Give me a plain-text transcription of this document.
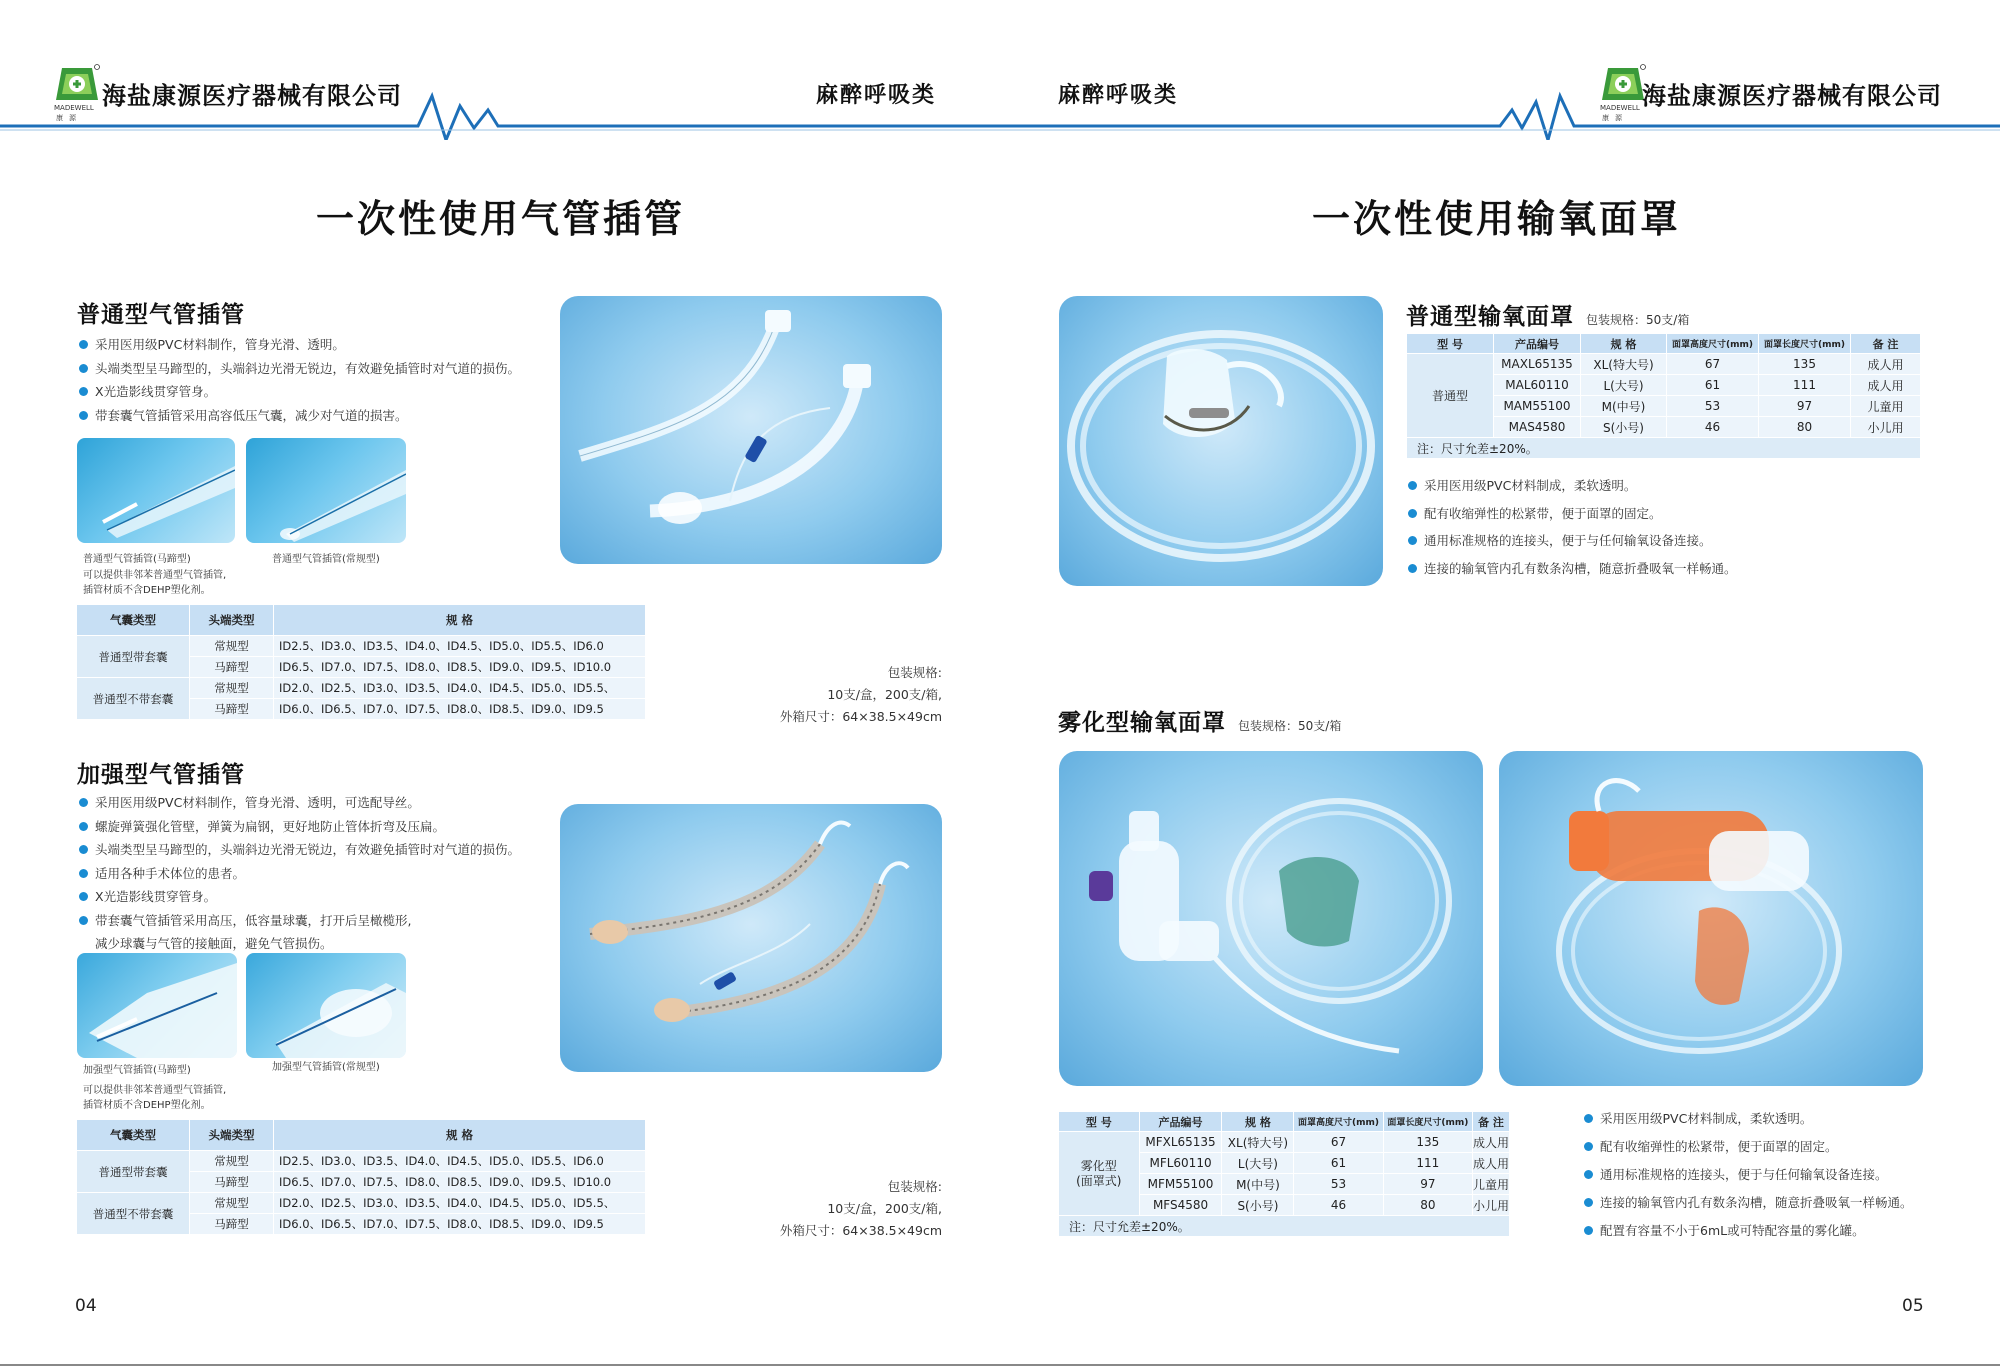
MADEWELL
康源
海盐康源医疗器械有限公司	麻醉呼吸类
一次性使用气管插管
普通型气管插管
采用医用级PVC材料制作，管身光滑、透明。
头端类型呈马蹄型的，头端斜边光滑无锐边，有效避免插管时对气道的损伤。
X光造影线贯穿管身。
带套囊气管插管采用高容低压气囊，减少对气道的损害。
普通型气管插管(马蹄型)	普通型气管插管(常规型)
可以提供非邻苯普通型气管插管,
插管材质不含DEHP塑化剂。
气囊类型	头端类型	规 格
普通型带套囊	常规型	ID2.5、ID3.0、ID3.5、ID4.0、ID4.5、ID5.0、ID5.5、ID6.0
	马蹄型	ID6.5、ID7.0、ID7.5、ID8.0、ID8.5、ID9.0、ID9.5、ID10.0
普通型不带套囊	常规型	ID2.0、ID2.5、ID3.0、ID3.5、ID4.0、ID4.5、ID5.0、ID5.5、
	马蹄型	ID6.0、ID6.5、ID7.0、ID7.5、ID8.0、ID8.5、ID9.0、ID9.5
包装规格:
10支/盒，200支/箱,
外箱尺寸：64×38.5×49cm
加强型气管插管
采用医用级PVC材料制作，管身光滑、透明，可选配导丝。
螺旋弹簧强化管壁，弹簧为扁钢，更好地防止管体折弯及压扁。
头端类型呈马蹄型的，头端斜边光滑无锐边，有效避免插管时对气道的损伤。
适用各种手术体位的患者。
X光造影线贯穿管身。
带套囊气管插管采用高压，低容量球囊，打开后呈橄榄形,
减少球囊与气管的接触面，避免气管损伤。
加强型气管插管(马蹄型)	加强型气管插管(常规型)
可以提供非邻苯普通型气管插管,
插管材质不含DEHP塑化剂。
气囊类型	头端类型	规 格
普通型带套囊	常规型	ID2.5、ID3.0、ID3.5、ID4.0、ID4.5、ID5.0、ID5.5、ID6.0
	马蹄型	ID6.5、ID7.0、ID7.5、ID8.0、ID8.5、ID9.0、ID9.5、ID10.0
普通型不带套囊	常规型	ID2.0、ID2.5、ID3.0、ID3.5、ID4.0、ID4.5、ID5.0、ID5.5、
	马蹄型	ID6.0、ID6.5、ID7.0、ID7.5、ID8.0、ID8.5、ID9.0、ID9.5
包装规格:
10支/盒，200支/箱,
外箱尺寸：64×38.5×49cm
04
麻醉呼吸类	MADEWELL
康源
海盐康源医疗器械有限公司
一次性使用输氧面罩
普通型输氧面罩 包装规格：50支/箱
型 号	产品编号	规 格	面罩高度尺寸(mm)	面罩长度尺寸(mm)	备 注
普通型	MAXL65135	XL(特大号)	67	135	成人用
	MAL60110	L(大号)	61	111	成人用
	MAM55100	M(中号)	53	97	儿童用
	MAS4580	S(小号)	46	80	小儿用
注：尺寸允差±20%。					
采用医用级PVC材料制成，柔软透明。
配有收缩弹性的松紧带，便于面罩的固定。
通用标准规格的连接头，便于与任何输氧设备连接。
连接的输氧管内孔有数条沟槽，随意折叠吸氧一样畅通。
雾化型输氧面罩 包装规格：50支/箱
型 号	产品编号	规 格	面罩高度尺寸(mm)	面罩长度尺寸(mm)	备 注
雾化型
(面罩式)	MFXL65135	XL(特大号)	67	135	成人用
	MFL60110	L(大号)	61	111	成人用
	MFM55100	M(中号)	53	97	儿童用
	MFS4580	S(小号)	46	80	小儿用
注：尺寸允差±20%。					
采用医用级PVC材料制成，柔软透明。
配有收缩弹性的松紧带，便于面罩的固定。
通用标准规格的连接头，便于与任何输氧设备连接。
连接的输氧管内孔有数条沟槽，随意折叠吸氧一样畅通。
配置有容量不小于6mL或可特配容量的雾化罐。
05
